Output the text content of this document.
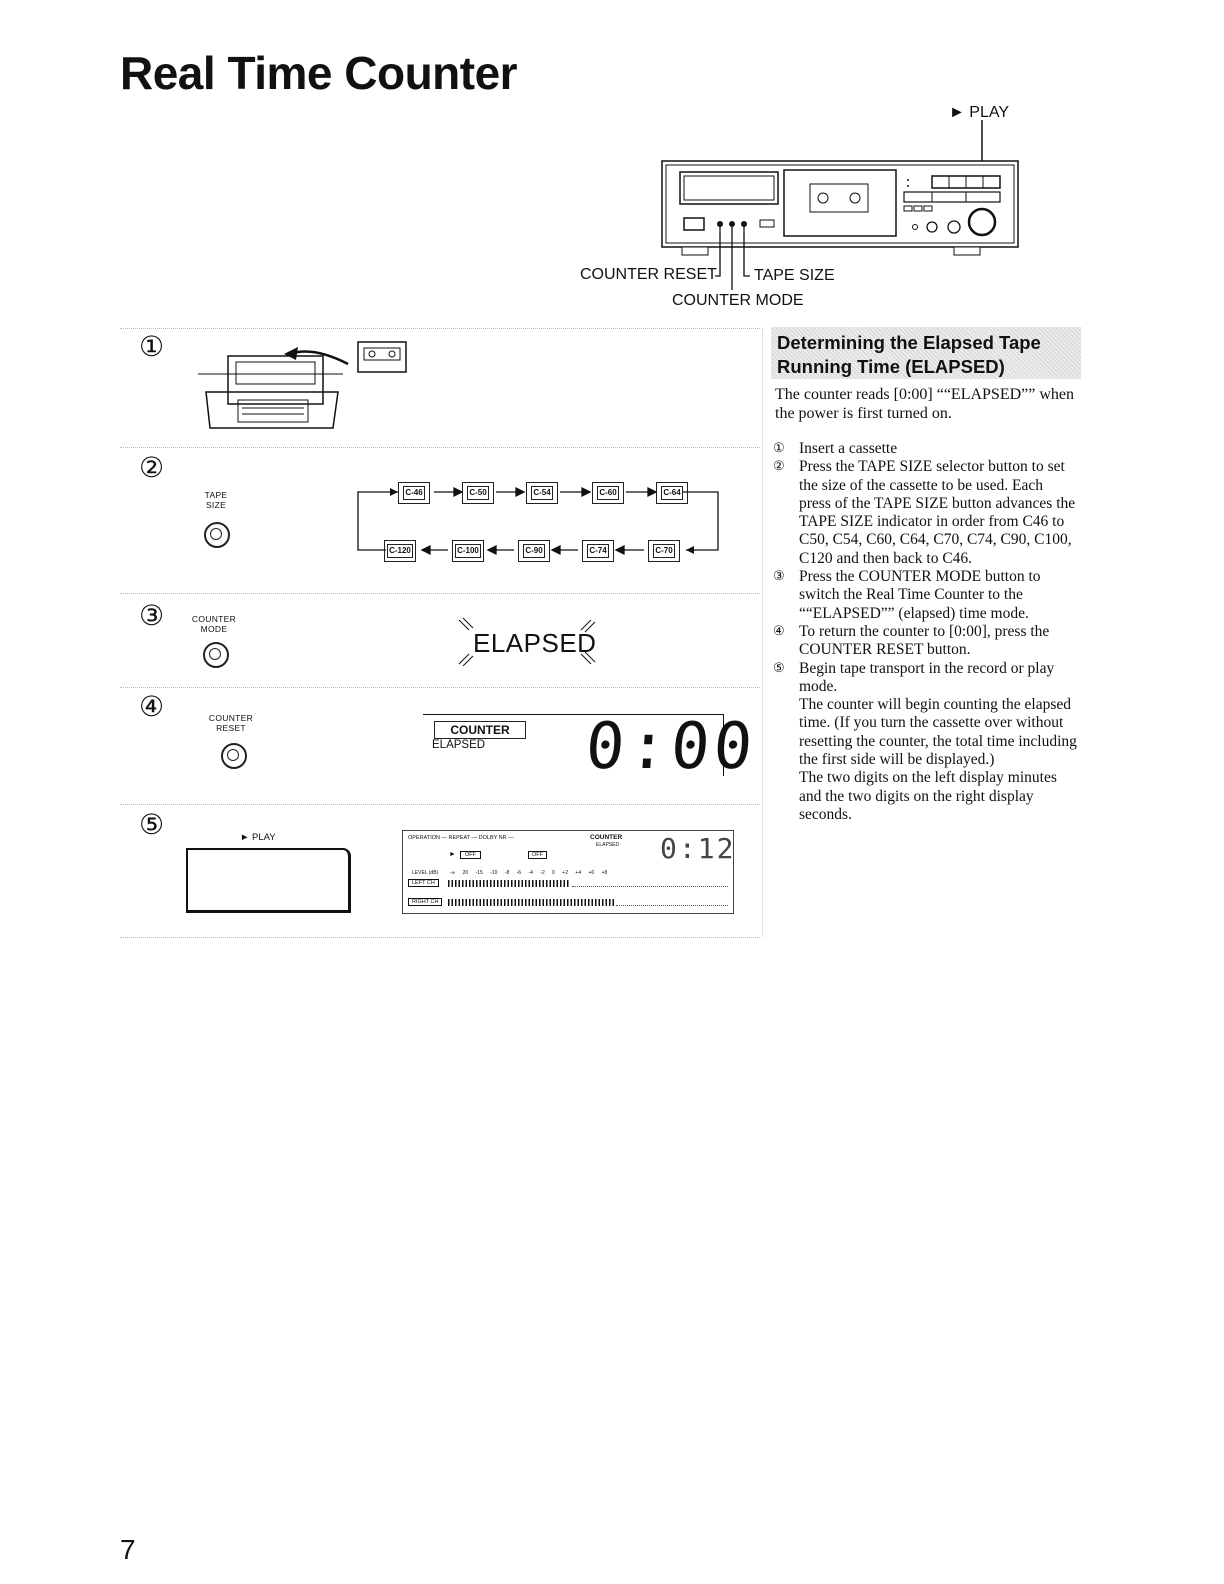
Real Time Counter
► PLAY
COUNTER RESET TAPE SIZE
COUNTER MODE
①
②
TAPE
SIZE
C-46	C-50	C-54	C-60	C-64
C-120	C-100	C-90	C-74	C-70
③	COUNTER
MODE	ELAPSED
④	COUNTER
RESET	COUNTER
ELAPSED 0:00
⑤	► PLAY	OPERATION — REPEAT — DOLBY NR —	COUNTER
ELAPSED
►	OFF	OFF	0:12
LEVEL (dB) -∞ 20 -15 -10 -8 -6 -4 -2 0 +2 +4 +6 +8
LEFT CH
RIGHT CH
Determining the Elapsed Tape
Running Time (ELAPSED)
The counter reads [0:00] ““ELAPSED”” when the power is first turned on.
① Insert a cassette
② Press the TAPE SIZE selector button to set the size of the cassette to be used. Each press of the TAPE SIZE button advances the TAPE SIZE indicator in order from C46 to C50, C54, C60, C64, C70, C74, C90, C100, C120 and then back to C46.
③ Press the COUNTER MODE button to switch the Real Time Counter to the ““ELAPSED”” (elapsed) time mode.
④ To return the counter to [0:00], press the COUNTER RESET button.
⑤ Begin tape transport in the record or play mode.
The counter will begin counting the elapsed time. (If you turn the cassette over without resetting the counter, the total time including the first side will be displayed.)
The two digits on the left display minutes and the two digits on the right display seconds.
7
